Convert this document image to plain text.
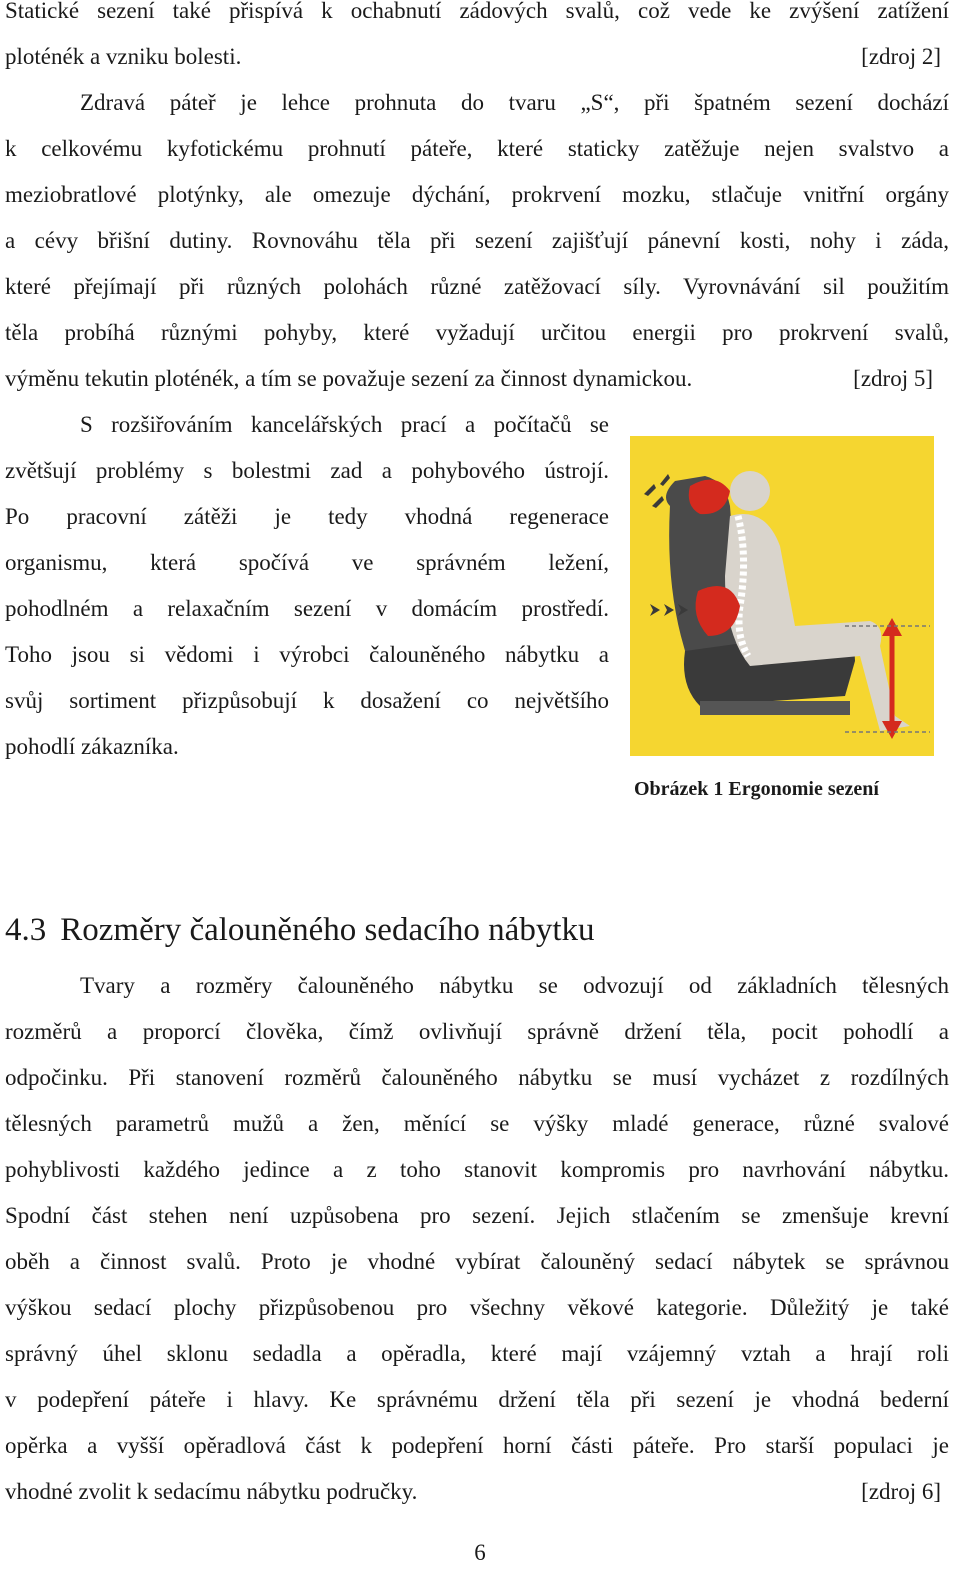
Statické sezení také přispívá k ochabnutí zádových svalů, což vede ke zvýšení zatížení
ploténék a vzniku bolesti.	[zdroj 2]
Zdravá páteř je lehce prohnuta do tvaru „S“, při špatném sezení dochází
k celkovému kyfotickému prohnutí páteře, které staticky zatěžuje nejen svalstvo a
meziobratlové plotýnky, ale omezuje dýchání, prokrvení mozku, stlačuje vnitřní orgány
a cévy břišní dutiny. Rovnováhu těla při sezení zajišťují pánevní kosti, nohy i záda,
které přejímají při různých polohách různé zatěžovací síly. Vyrovnávání sil použitím
těla probíhá různými pohyby, které vyžadují určitou energii pro prokrvení svalů,
výměnu tekutin ploténék, a tím se považuje sezení za činnost dynamickou.	[zdroj 5]
S rozšiřováním kancelářských prací a počítačů se
zvětšují problémy s bolestmi zad a pohybového ústrojí.
Po pracovní zátěži je tedy vhodná regenerace
organismu, která spočívá ve správném ležení,
pohodlném a relaxačním sezení v domácím prostředí.
Toho jsou si vědomi i výrobci čalouněného nábytku a
svůj sortiment přizpůsobují k dosažení co největšího
pohodlí zákazníka.
Obrázek 1 Ergonomie sezení
4.3 Rozměry čalouněného sedacího nábytku
Tvary a rozměry čalouněného nábytku se odvozují od základních tělesných
rozměrů a proporcí člověka, čímž ovlivňují správně držení těla, pocit pohodlí a
odpočinku. Při stanovení rozměrů čalouněného nábytku se musí vycházet z rozdílných
tělesných parametrů mužů a žen, měnící se výšky mladé generace, různé svalové
pohyblivosti každého jedince a z toho stanovit kompromis pro navrhování nábytku.
Spodní část stehen není uzpůsobena pro sezení. Jejich stlačením se zmenšuje krevní
oběh a činnost svalů. Proto je vhodné vybírat čalouněný sedací nábytek se správnou
výškou sedací plochy přizpůsobenou pro všechny věkové kategorie. Důležitý je také
správný úhel sklonu sedadla a opěradla, které mají vzájemný vztah a hrají roli
v podepření páteře i hlavy. Ke správnému držení těla při sezení je vhodná bederní
opěrka a vyšší opěradlová část k podepření horní části páteře. Pro starší populaci je
vhodné zvolit k sedacímu nábytku područky.	[zdroj 6]
6
